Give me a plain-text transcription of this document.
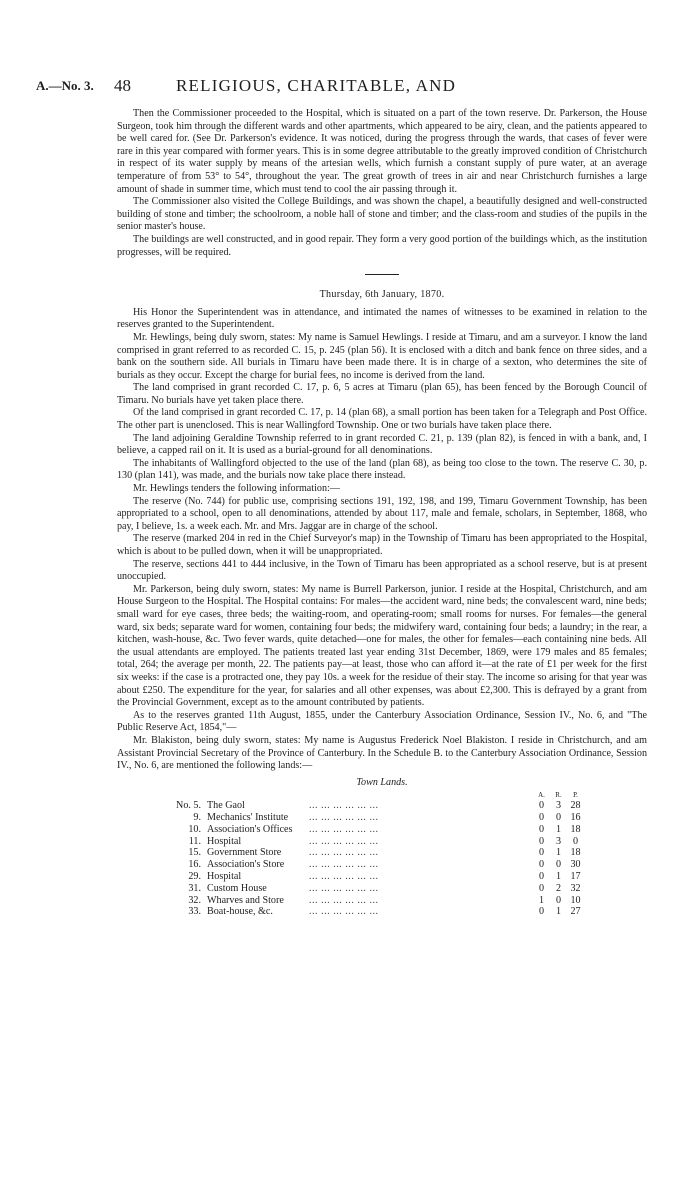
A.—No. 3. 48	RELIGIOUS, CHARITABLE, AND

Then the Commissioner proceeded to the Hospital, which is situated on a part of the town reserve. Dr. Parkerson, the House Surgeon, took him through the different wards and other apartments, which appeared to be airy, clean, and the patients appeared to be well cared for. (See Dr. Parkerson's evidence. It was noticed, during the progress through the wards, that cases of fever were rare in this year compared with former years. This is in some degree attributable to the greatly improved condition of Christchurch in respect of its water supply by means of the artesian wells, which furnish a constant supply of pure water, at an average temperature of from 53° to 54°, throughout the year. The great growth of trees in air and near Christchurch furnishes a large amount of shade in summer time, which must tend to cool the air passing through it.

The Commissioner also visited the College Buildings, and was shown the chapel, a beautifully designed and well-constructed building of stone and timber; the schoolroom, a noble hall of stone and timber; and the class-room and studies of the pupils in the senior master's house.

The buildings are well constructed, and in good repair. They form a very good portion of the buildings which, as the institution progresses, will be required.

Thursday, 6th January, 1870.

His Honor the Superintendent was in attendance, and intimated the names of witnesses to be examined in relation to the reserves granted to the Superintendent.

Mr. Hewlings, being duly sworn, states: My name is Samuel Hewlings. I reside at Timaru, and am a surveyor. I know the land comprised in grant referred to as recorded C. 15, p. 245 (plan 56). It is enclosed with a ditch and bank fence on three sides, and a bank on the southern side. All burials in Timaru have been made there. It is in charge of a sexton, who determines the site of burials as they occur. Except the charge for burial fees, no income is derived from the land.

The land comprised in grant recorded C. 17, p. 6, 5 acres at Timaru (plan 65), has been fenced by the Borough Council of Timaru. No burials have yet taken place there.

Of the land comprised in grant recorded C. 17, p. 14 (plan 68), a small portion has been taken for a Telegraph and Post Office. The other part is unenclosed. This is near Wallingford Township. One or two burials have taken place there.

The land adjoining Geraldine Township referred to in grant recorded C. 21, p. 139 (plan 82), is fenced in with a bank, and, I believe, a capped rail on it. It is used as a burial-ground for all denominations.

The inhabitants of Wallingford objected to the use of the land (plan 68), as being too close to the town. The reserve C. 30, p. 130 (plan 141), was made, and the burials now take place there instead.

Mr. Hewlings tenders the following information:—

The reserve (No. 744) for public use, comprising sections 191, 192, 198, and 199, Timaru Government Township, has been appropriated to a school, open to all denominations, attended by about 117, male and female, scholars, in September, 1868, who pay, I believe, 1s. a week each. Mr. and Mrs. Jaggar are in charge of the school.

The reserve (marked 204 in red in the Chief Surveyor's map) in the Township of Timaru has been appropriated to the Hospital, which is about to be pulled down, when it will be unappropriated.

The reserve, sections 441 to 444 inclusive, in the Town of Timaru has been appropriated as a school reserve, but is at present unoccupied.

Mr. Parkerson, being duly sworn, states: My name is Burrell Parkerson, junior. I reside at the Hospital, Christchurch, and am House Surgeon to the Hospital. The Hospital contains: For males—the accident ward, nine beds; the convalescent ward, nine beds; small ward for eye cases, three beds; the waiting-room, and operating-room; small rooms for nurses. For females—the general ward, six beds; separate ward for women, containing four beds; the midwifery ward, containing four beds; a laundry; in the rear, a kitchen, wash-house, &c. Two fever wards, quite detached—one for males, the other for females—each containing nine beds. All the usual attendants are employed. The patients treated last year ending 31st December, 1869, were 179 males and 85 females; total, 264; the average per month, 22. The patients pay—at least, those who can afford it—at the rate of £1 per week for the first six weeks: if the case is a protracted one, they pay 10s. a week for the residue of their stay. The income so arising for that year was about £250. The expenditure for the year, for salaries and all other expenses, was about £2,300. This is defrayed by a grant from the Provincial Government, except as to the amount contributed by patients.

As to the reserves granted 11th August, 1855, under the Canterbury Association Ordinance, Session IV., No. 6, and "The Public Reserve Act, 1854,"—

Mr. Blakiston, being duly sworn, states: My name is Augustus Frederick Noel Blakiston. I reside in Christchurch, and am Assistant Provincial Secretary of the Province of Canterbury. In the Schedule B. to the Canterbury Association Ordinance, Session IV., No. 6, are mentioned the following lands:—

Town Lands.
			A.	R.	P.
No. 5.	The Gaol	... ... ... ... ... ...	0	3	28
9.	Mechanics' Institute	... ... ... ... ... ...	0	0	16
10.	Association's Offices	... ... ... ... ... ...	0	1	18
11.	Hospital	... ... ... ... ... ...	0	3	0
15.	Government Store	... ... ... ... ... ...	0	1	18
16.	Association's Store	... ... ... ... ... ...	0	0	30
29.	Hospital	... ... ... ... ... ...	0	1	17
31.	Custom House	... ... ... ... ... ...	0	2	32
32.	Wharves and Store	... ... ... ... ... ...	1	0	10
33.	Boat-house, &c.	... ... ... ... ... ...	0	1	27
